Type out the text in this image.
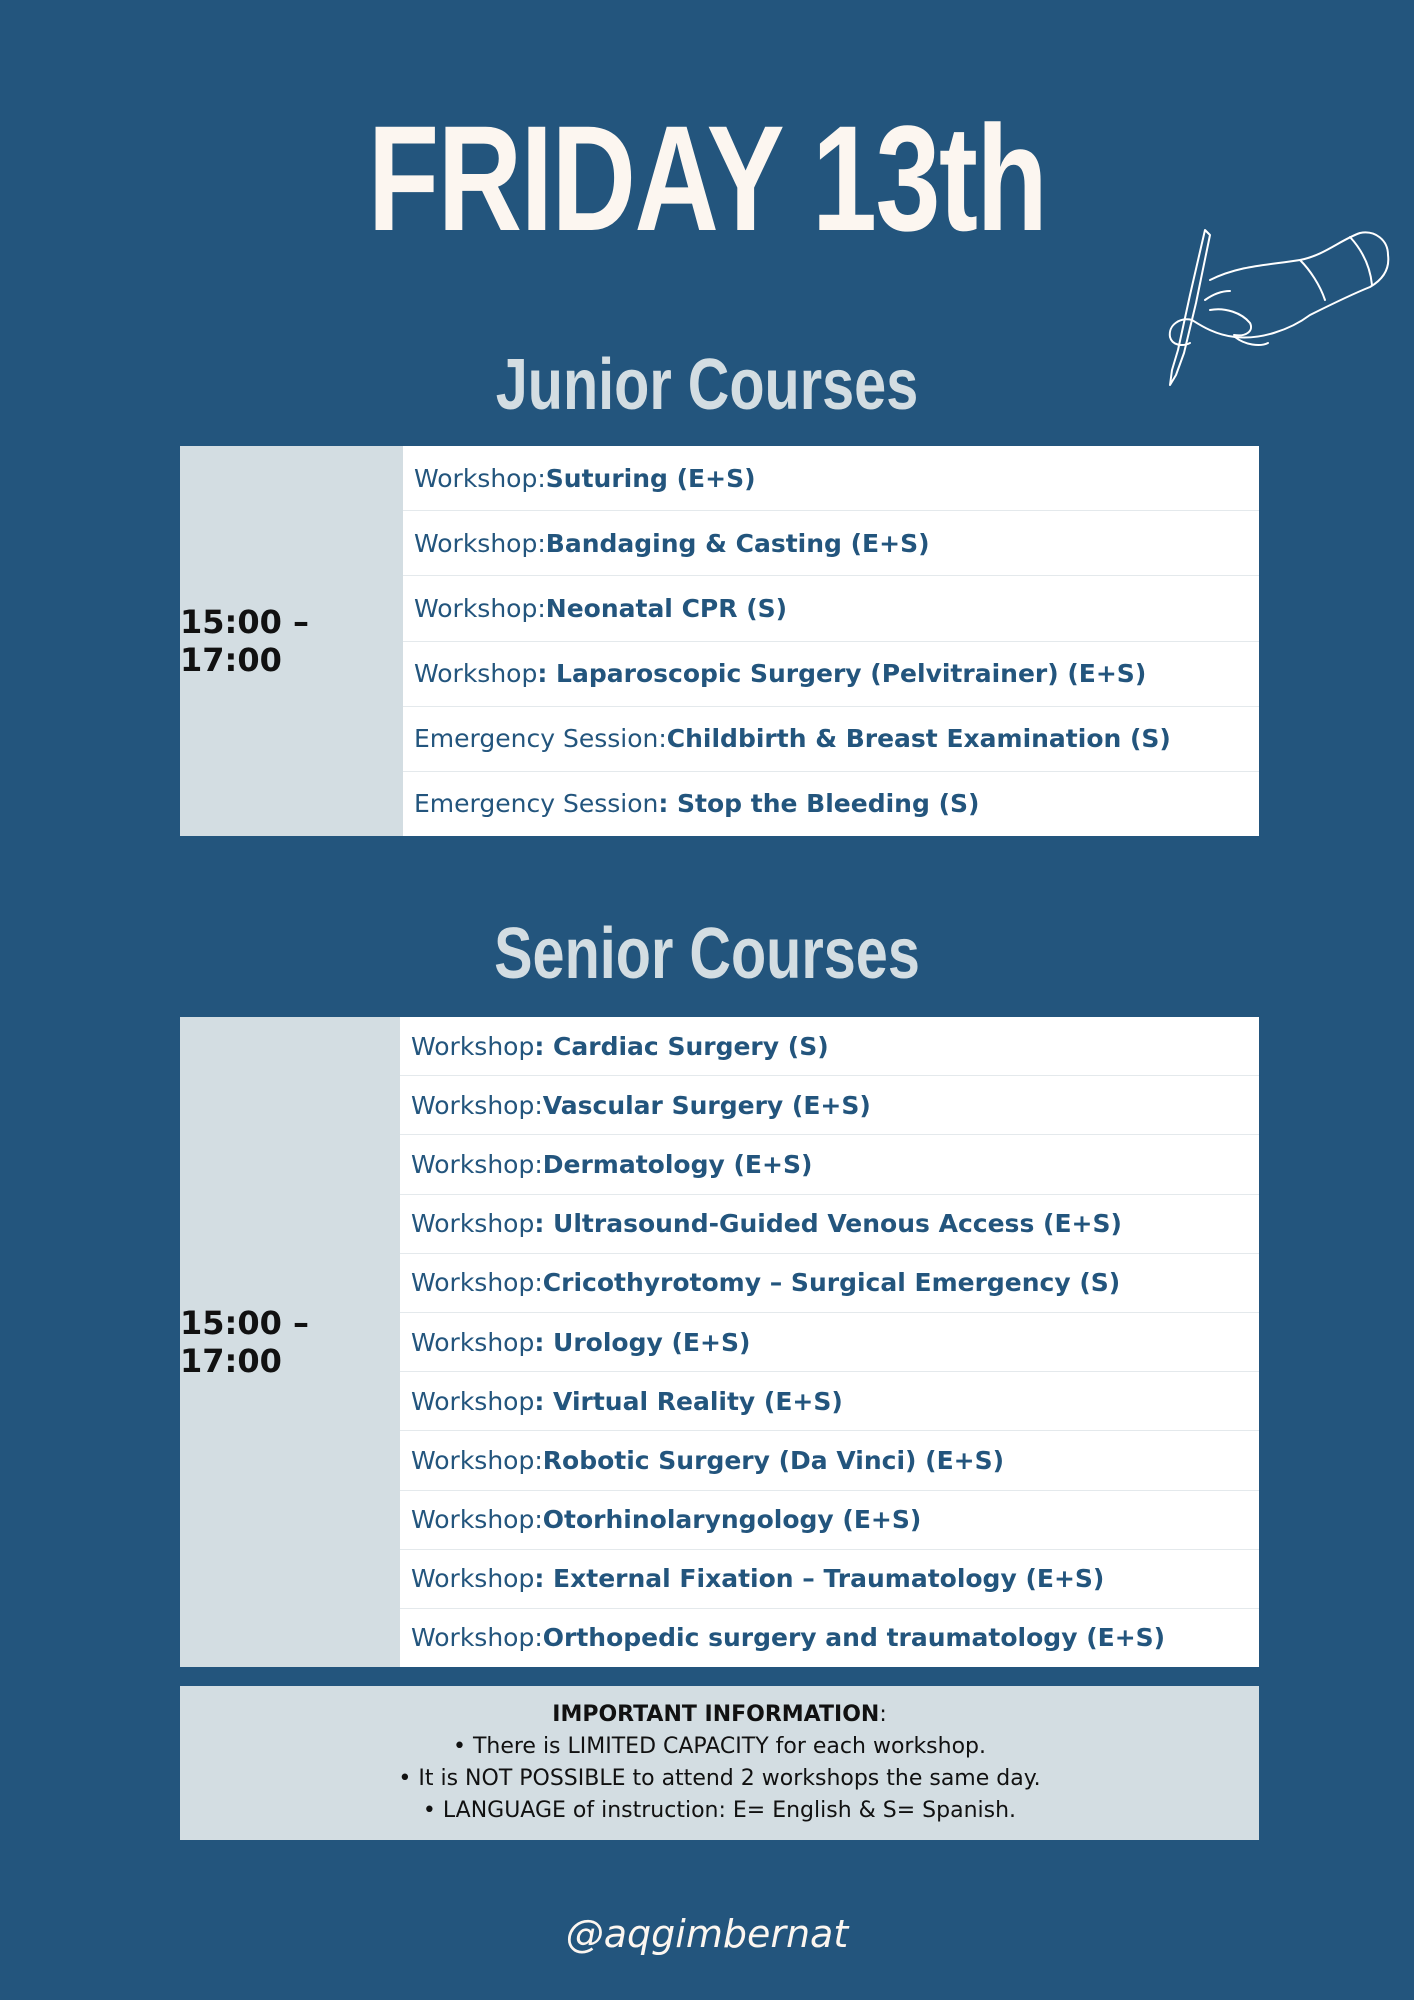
FRIDAY 13th
Junior Courses
15:00 – 17:00
Workshop: Suturing (E+S)
Workshop: Bandaging & Casting (E+S)
Workshop: Neonatal CPR (S)
Workshop : Laparoscopic Surgery (Pelvitrainer) (E+S)
Emergency Session: Childbirth & Breast Examination (S)
Emergency Session : Stop the Bleeding (S)
Senior Courses
15:00 – 17:00
Workshop : Cardiac Surgery (S)
Workshop: Vascular Surgery (E+S)
Workshop: Dermatology (E+S)
Workshop : Ultrasound-Guided Venous Access (E+S)
Workshop: Cricothyrotomy – Surgical Emergency (S)
Workshop : Urology (E+S)
Workshop : Virtual Reality (E+S)
Workshop: Robotic Surgery (Da Vinci) (E+S)
Workshop: Otorhinolaryngology (E+S)
Workshop : External Fixation – Traumatology (E+S)
Workshop: Orthopedic surgery and traumatology (E+S)
IMPORTANT INFORMATION:
• There is LIMITED CAPACITY for each workshop.
• It is NOT POSSIBLE to attend 2 workshops the same day.
• LANGUAGE of instruction: E= English & S= Spanish.
@aqgimbernat
